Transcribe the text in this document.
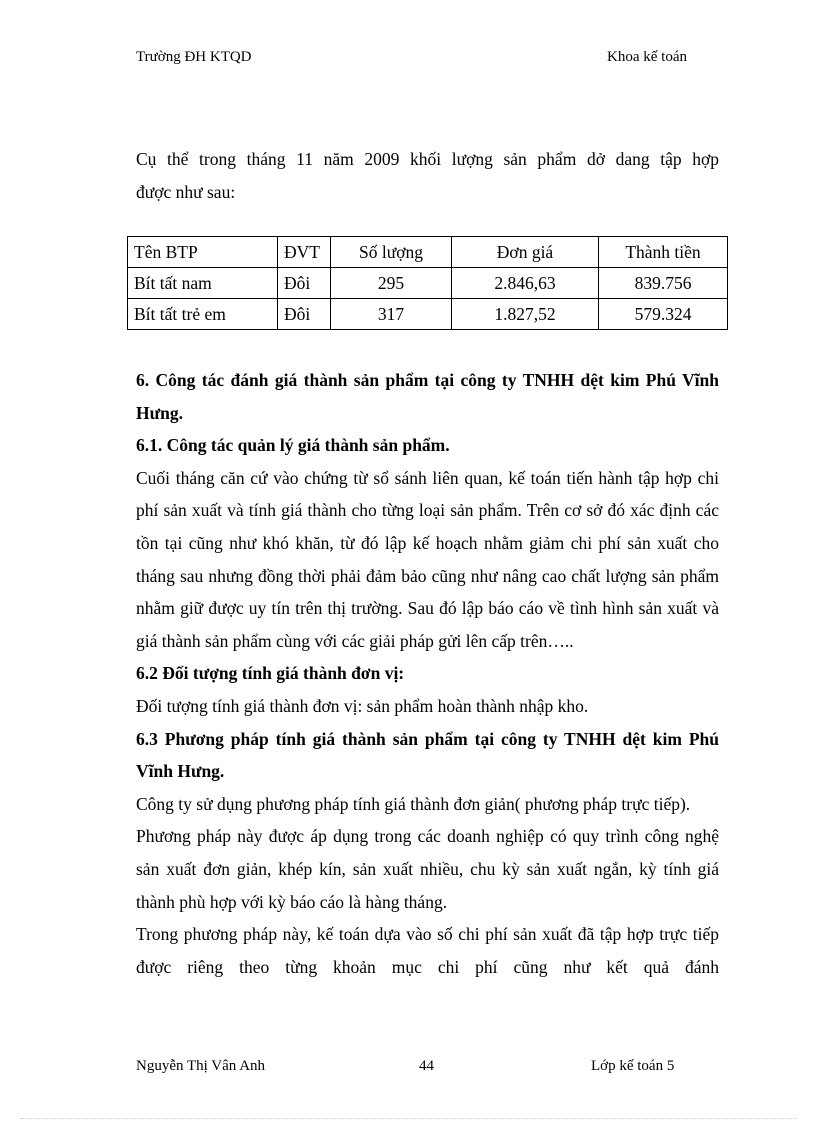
Trường ĐH KTQD	Khoa kế toán
Cụ thể trong tháng 11 năm 2009 khối lượng sản phẩm dở dang tập hợp
được như sau:
Tên BTP	ĐVT	Số lượng	Đơn giá	Thành tiền
Bít tất nam	Đôi	295	2.846,63	839.756
Bít tất trẻ em	Đôi	317	1.827,52	579.324

6. Công tác đánh giá thành sản phẩm tại công ty TNHH dệt kim Phú Vĩnh Hưng.

6.1. Công tác quản lý giá thành sản phẩm.

Cuối tháng căn cứ vào chứng từ sổ sánh liên quan, kế toán tiến hành tập hợp chi phí sản xuất và tính giá thành cho từng loại sản phẩm. Trên cơ sở đó xác định các tồn tại cũng như khó khăn, từ đó lập kế hoạch nhằm giảm chi phí sản xuất cho tháng sau nhưng đồng thời phải đảm bảo cũng như nâng cao chất lượng sản phẩm nhằm giữ được uy tín trên thị trường. Sau đó lập báo cáo về tình hình sản xuất và giá thành sản phẩm cùng với các giải pháp gửi lên cấp trên…..

6.2 Đối tượng tính giá thành đơn vị:

Đối tượng tính giá thành đơn vị: sản phẩm hoàn thành nhập kho.

6.3 Phương pháp tính giá thành sản phẩm tại công ty TNHH dệt kim Phú Vĩnh Hưng.

Công ty sử dụng phương pháp tính giá thành đơn giản( phương pháp trực tiếp).

Phương pháp này được áp dụng trong các doanh nghiệp có quy trình công nghệ sản xuất đơn giản, khép kín, sản xuất nhiều, chu kỳ sản xuất ngắn, kỳ tính giá thành phù hợp với kỳ báo cáo là hàng tháng.

Trong phương pháp này, kế toán dựa vào số chi phí sản xuất đã tập hợp trực tiếp được riêng theo từng khoản mục chi phí cũng như kết quả đánh

Nguyễn Thị Vân Anh	44	Lớp kế toán 5
